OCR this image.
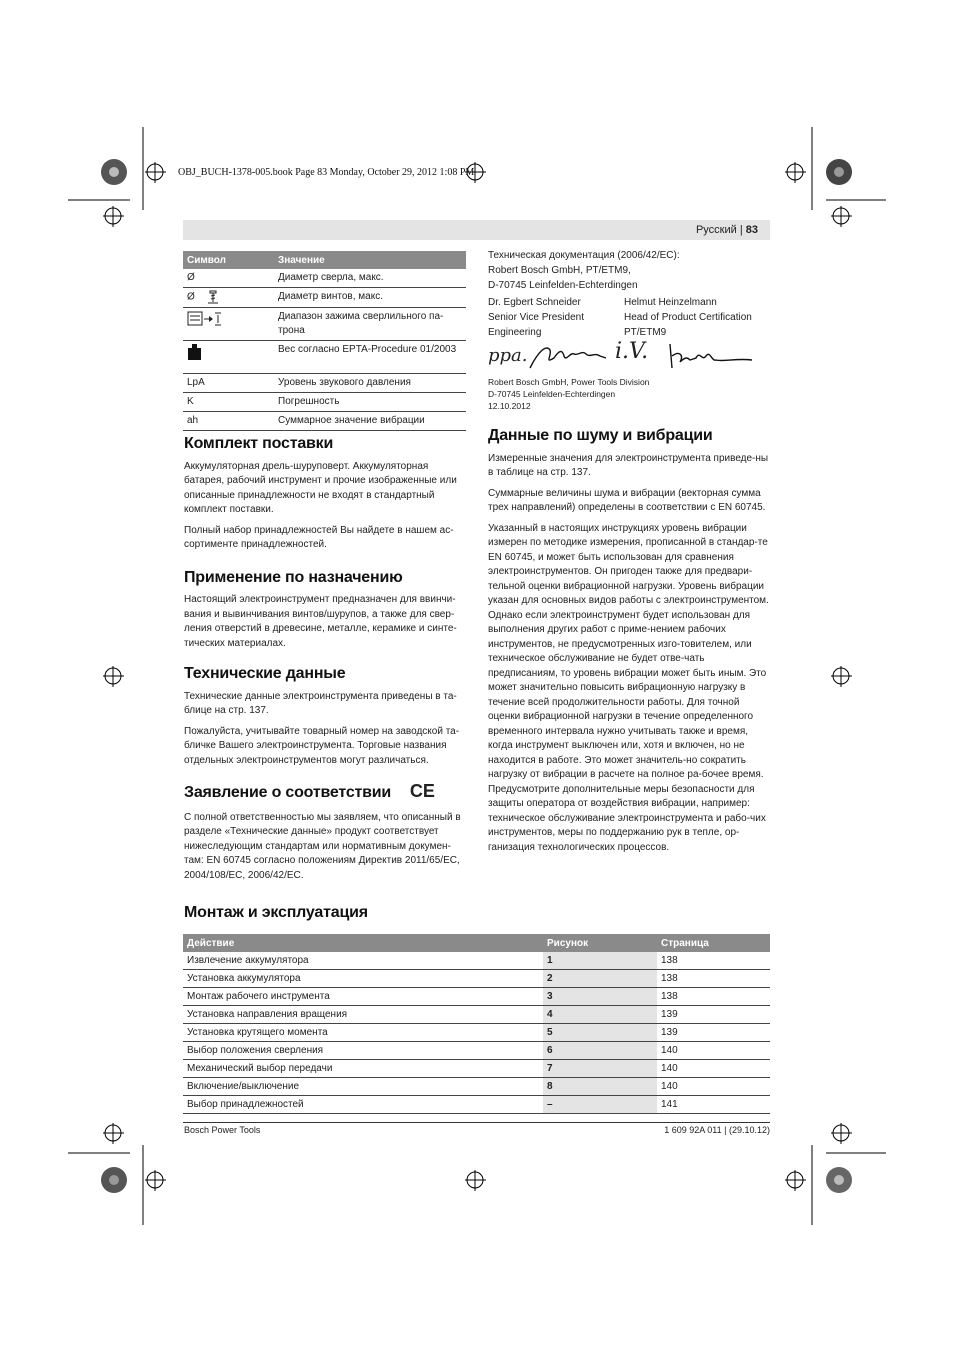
OBJ_BUCH-1378-005.book Page 83 Monday, October 29, 2012 1:08 PM
Русский | 83
Символ	Значение
Ø	Диаметр сверла, макс.
Ø	Диаметр винтов, макс.
	Диапазон зажима сверлильного па-трона
	Вес согласно EPTA-Procedure 01/2003
LpA	Уровень звукового давления
K	Погрешность
ah	Суммарное значение вибрации
Комплект поставки

Аккумуляторная дрель-шуруповерт. Аккумуляторная батарея, рабочий инструмент и прочие изображенные или описанные принадлежности не входят в стандартный комплект поставки.

Полный набор принадлежностей Вы найдете в нашем ас-сортименте принадлежностей.

Применение по назначению

Настоящий электроинструмент предназначен для ввинчи-вания и вывинчивания винтов/шурупов, а также для свер-ления отверстий в древесине, металле, керамике и синте-тических материалах.

Технические данные

Технические данные электроинструмента приведены в та-блице на стр. 137.

Пожалуйста, учитывайте товарный номер на заводской та-бличке Вашего электроинструмента. Торговые названия отдельных электроинструментов могут различаться.

Заявление о соответствии CE

С полной ответственностью мы заявляем, что описанный в разделе «Технические данные» продукт соответствует нижеследующим стандартам или нормативным докумен-там: EN 60745 согласно положениям Директив 2011/65/EC, 2004/108/EC, 2006/42/EC.

Техническая документация (2006/42/EC):
Robert Bosch GmbH, PT/ETM9,
D-70745 Leinfelden-Echterdingen
Dr. Egbert Schneider
Senior Vice President
Engineering
Helmut Heinzelmann
Head of Product Certification
PT/ETM9
ppa.	i.V.
Robert Bosch GmbH, Power Tools Division
D-70745 Leinfelden-Echterdingen
12.10.2012
Данные по шуму и вибрации

Измеренные значения для электроинструмента приведе-ны в таблице на стр. 137.

Суммарные величины шума и вибрации (векторная сумма трех направлений) определены в соответствии с EN 60745.

Указанный в настоящих инструкциях уровень вибрации измерен по методике измерения, прописанной в стандар-те EN 60745, и может быть использован для сравнения электроинструментов. Он пригоден также для предвари-тельной оценки вибрационной нагрузки. Уровень вибрации указан для основных видов работы с электроинструментом. Однако если электроинструмент будет использован для выполнения других работ с приме-нением рабочих инструментов, не предусмотренных изго-товителем, или техническое обслуживание не будет отве-чать предписаниям, то уровень вибрации может быть иным. Это может значительно повысить вибрационную нагрузку в течение всей продолжительности работы. Для точной оценки вибрационной нагрузки в течение определенного временного интервала нужно учитывать также и время, когда инструмент выключен или, хотя и включен, но не находится в работе. Это может значитель-но сократить нагрузку от вибрации в расчете на полное ра-бочее время. Предусмотрите дополнительные меры безопасности для защиты оператора от воздействия вибрации, например: техническое обслуживание электроинструмента и рабо-чих инструментов, меры по поддержанию рук в тепле, ор-ганизация технологических процессов.

Монтаж и эксплуатация
Действие	Рисунок	Страница
Извлечение аккумулятора	1	138
Установка аккумулятора	2	138
Монтаж рабочего инструмента	3	138
Установка направления вращения	4	139
Установка крутящего момента	5	139
Выбор положения сверления	6	140
Механический выбор передачи	7	140
Включение/выключение	8	140
Выбор принадлежностей	–	141
Bosch Power Tools	1 609 92A 011 | (29.10.12)
